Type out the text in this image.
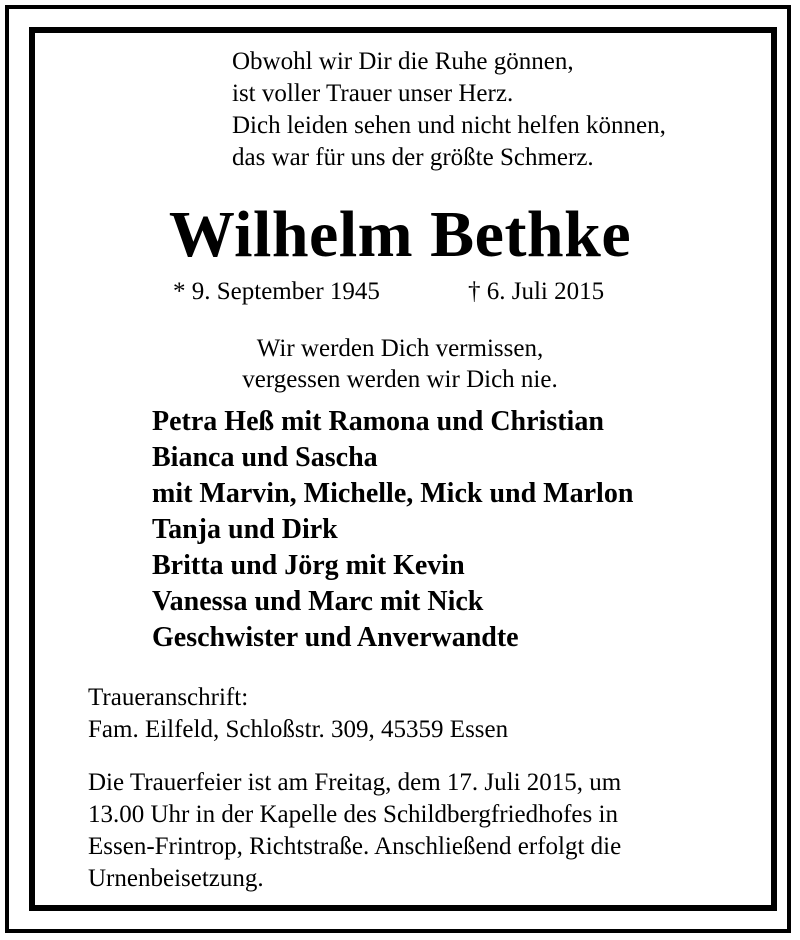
Obwohl wir Dir die Ruhe gönnen,
ist voller Trauer unser Herz.
Dich leiden sehen und nicht helfen können,
das war für uns der größte Schmerz.
Wilhelm Bethke
* 9. September 1945	† 6. Juli 2015
Wir werden Dich vermissen,
vergessen werden wir Dich nie.
Petra Heß mit Ramona und Christian
Bianca und Sascha
mit Marvin, Michelle, Mick und Marlon
Tanja und Dirk
Britta und Jörg mit Kevin
Vanessa und Marc mit Nick
Geschwister und Anverwandte
Traueranschrift:
Fam. Eilfeld, Schloßstr. 309, 45359 Essen
Die Trauerfeier ist am Freitag, dem 17. Juli 2015, um
13.00 Uhr in der Kapelle des Schildbergfriedhofes in
Essen-Frintrop, Richtstraße. Anschließend erfolgt die
Urnenbeisetzung.
